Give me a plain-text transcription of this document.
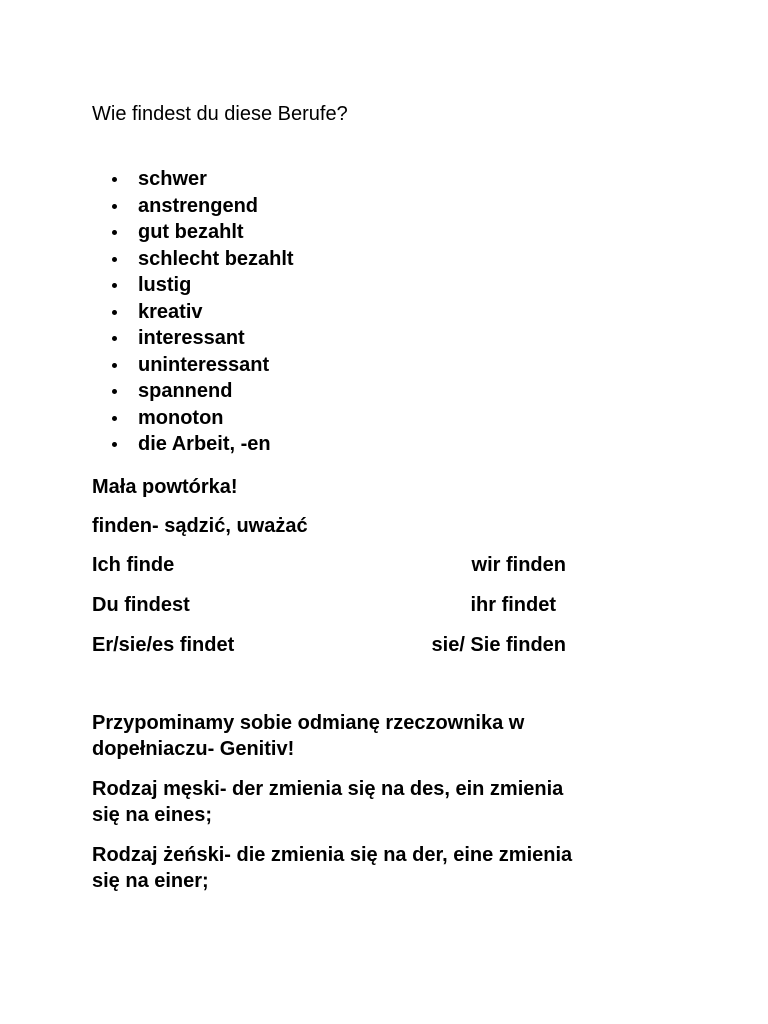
Wie findest du diese Berufe?
schwer
anstrengend
gut bezahlt
schlecht bezahlt
lustig
kreativ
interessant
uninteressant
spannend
monoton
die Arbeit, -en
Mała powtórka!
finden- sądzić, uważać
Ich finde
Du findest
Er/sie/es findet
wir finden
ihr findet
sie/ Sie finden
Przypominamy sobie odmianę rzeczownika w
dopełniaczu- Genitiv!
Rodzaj męski- der zmienia się na des, ein zmienia
się na eines;
Rodzaj żeński- die zmienia się na der, eine zmienia
się na einer;
